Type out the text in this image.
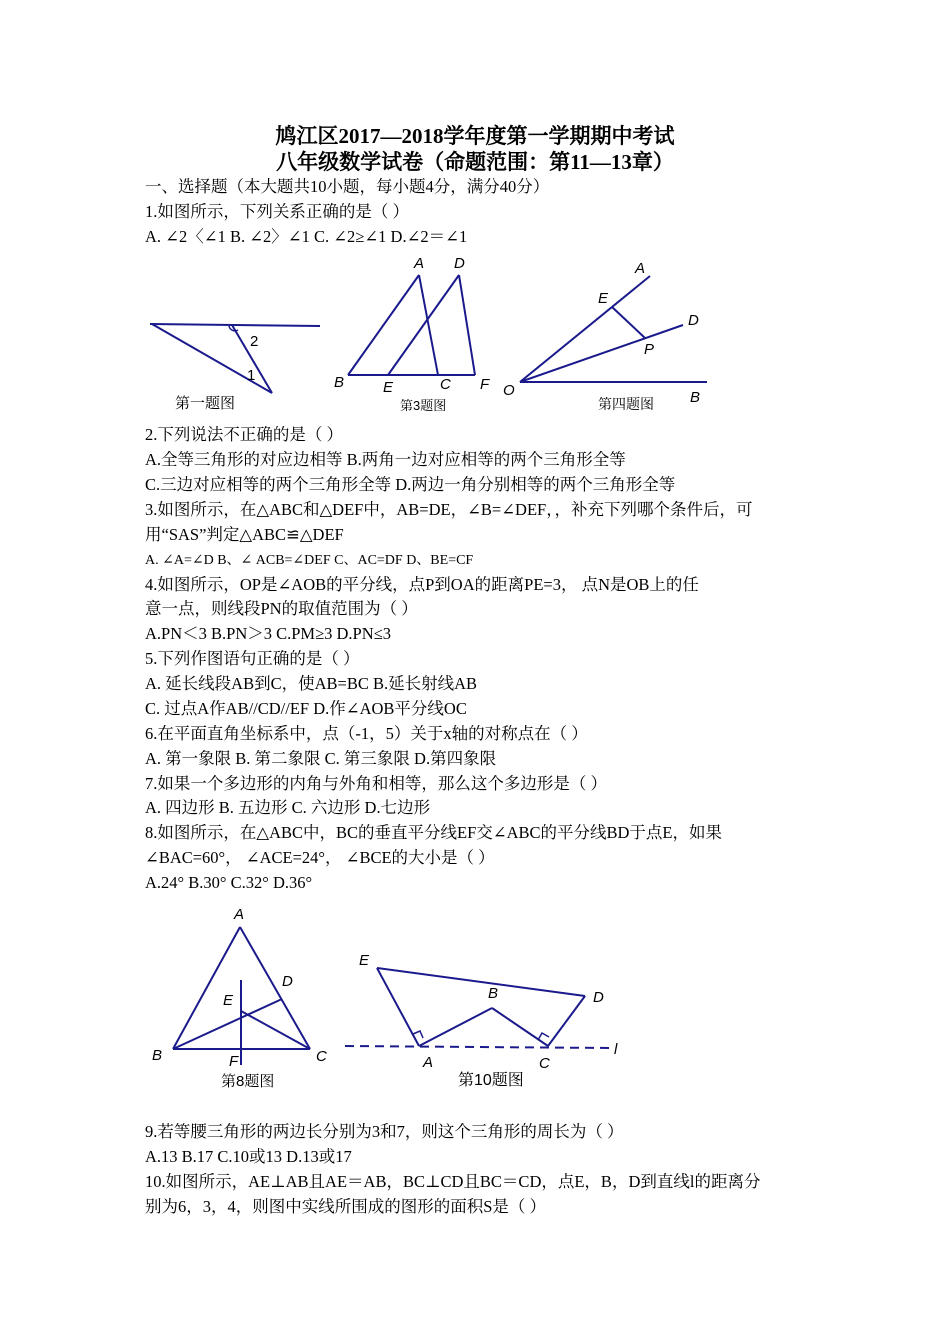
鸠江区2017—2018学年度第一学期期中考试
八年级数学试卷（命题范围：第11—13章）
一、选择题（本大题共10小题，每小题4分，满分40分）
1.如图所示，下列关系正确的是（ ）
A. ∠2〈∠1 B. ∠2〉∠1 C. ∠2≥∠1 D.∠2＝∠1
2
1
第一题图
A D
B	E	C F
第3题图
A
E
D
P
O	B
第四题图
2.下列说法不正确的是（ ）
A.全等三角形的对应边相等 B.两角一边对应相等的两个三角形全等
C.三边对应相等的两个三角形全等 D.两边一角分别相等的两个三角形全等
3.如图所示，在△ABC和△DEF中，AB=DE，∠B=∠DEF，，补充下列哪个条件后，可
用“SAS”判定△ABC≌△DEF
A. ∠A=∠D B、∠ ACB=∠DEF C、AC=DF D、BE=CF
4.如图所示，OP是∠AOB的平分线，点P到OA的距离PE=3， 点N是OB上的任
意一点，则线段PN的取值范围为（ ）
A.PN＜3 B.PN＞3 C.PM≥3 D.PN≤3
5.下列作图语句正确的是（ ）
A. 延长线段AB到C，使AB=BC B.延长射线AB
C. 过点A作AB//CD//EF D.作∠AOB平分线OC
6.在平面直角坐标系中，点（-1，5）关于x轴的对称点在（ ）
A. 第一象限 B. 第二象限 C. 第三象限 D.第四象限
7.如果一个多边形的内角与外角和相等，那么这个多边形是（ ）
A. 四边形 B. 五边形 C. 六边形 D.七边形
8.如图所示，在△ABC中，BC的垂直平分线EF交∠ABC的平分线BD于点E，如果
∠BAC=60°， ∠ACE=24°， ∠BCE的大小是（ ）
A.24° B.30° C.32° D.36°
A
D
E
B	F	C
第8题图
E
B	D
A	C
l
第10题图
9.若等腰三角形的两边长分别为3和7，则这个三角形的周长为（ ）
A.13 B.17 C.10或13 D.13或17
10.如图所示，AE⊥AB且AE＝AB，BC⊥CD且BC＝CD，点E，B，D到直线l的距离分
别为6，3，4，则图中实线所围成的图形的面积S是（ ）
